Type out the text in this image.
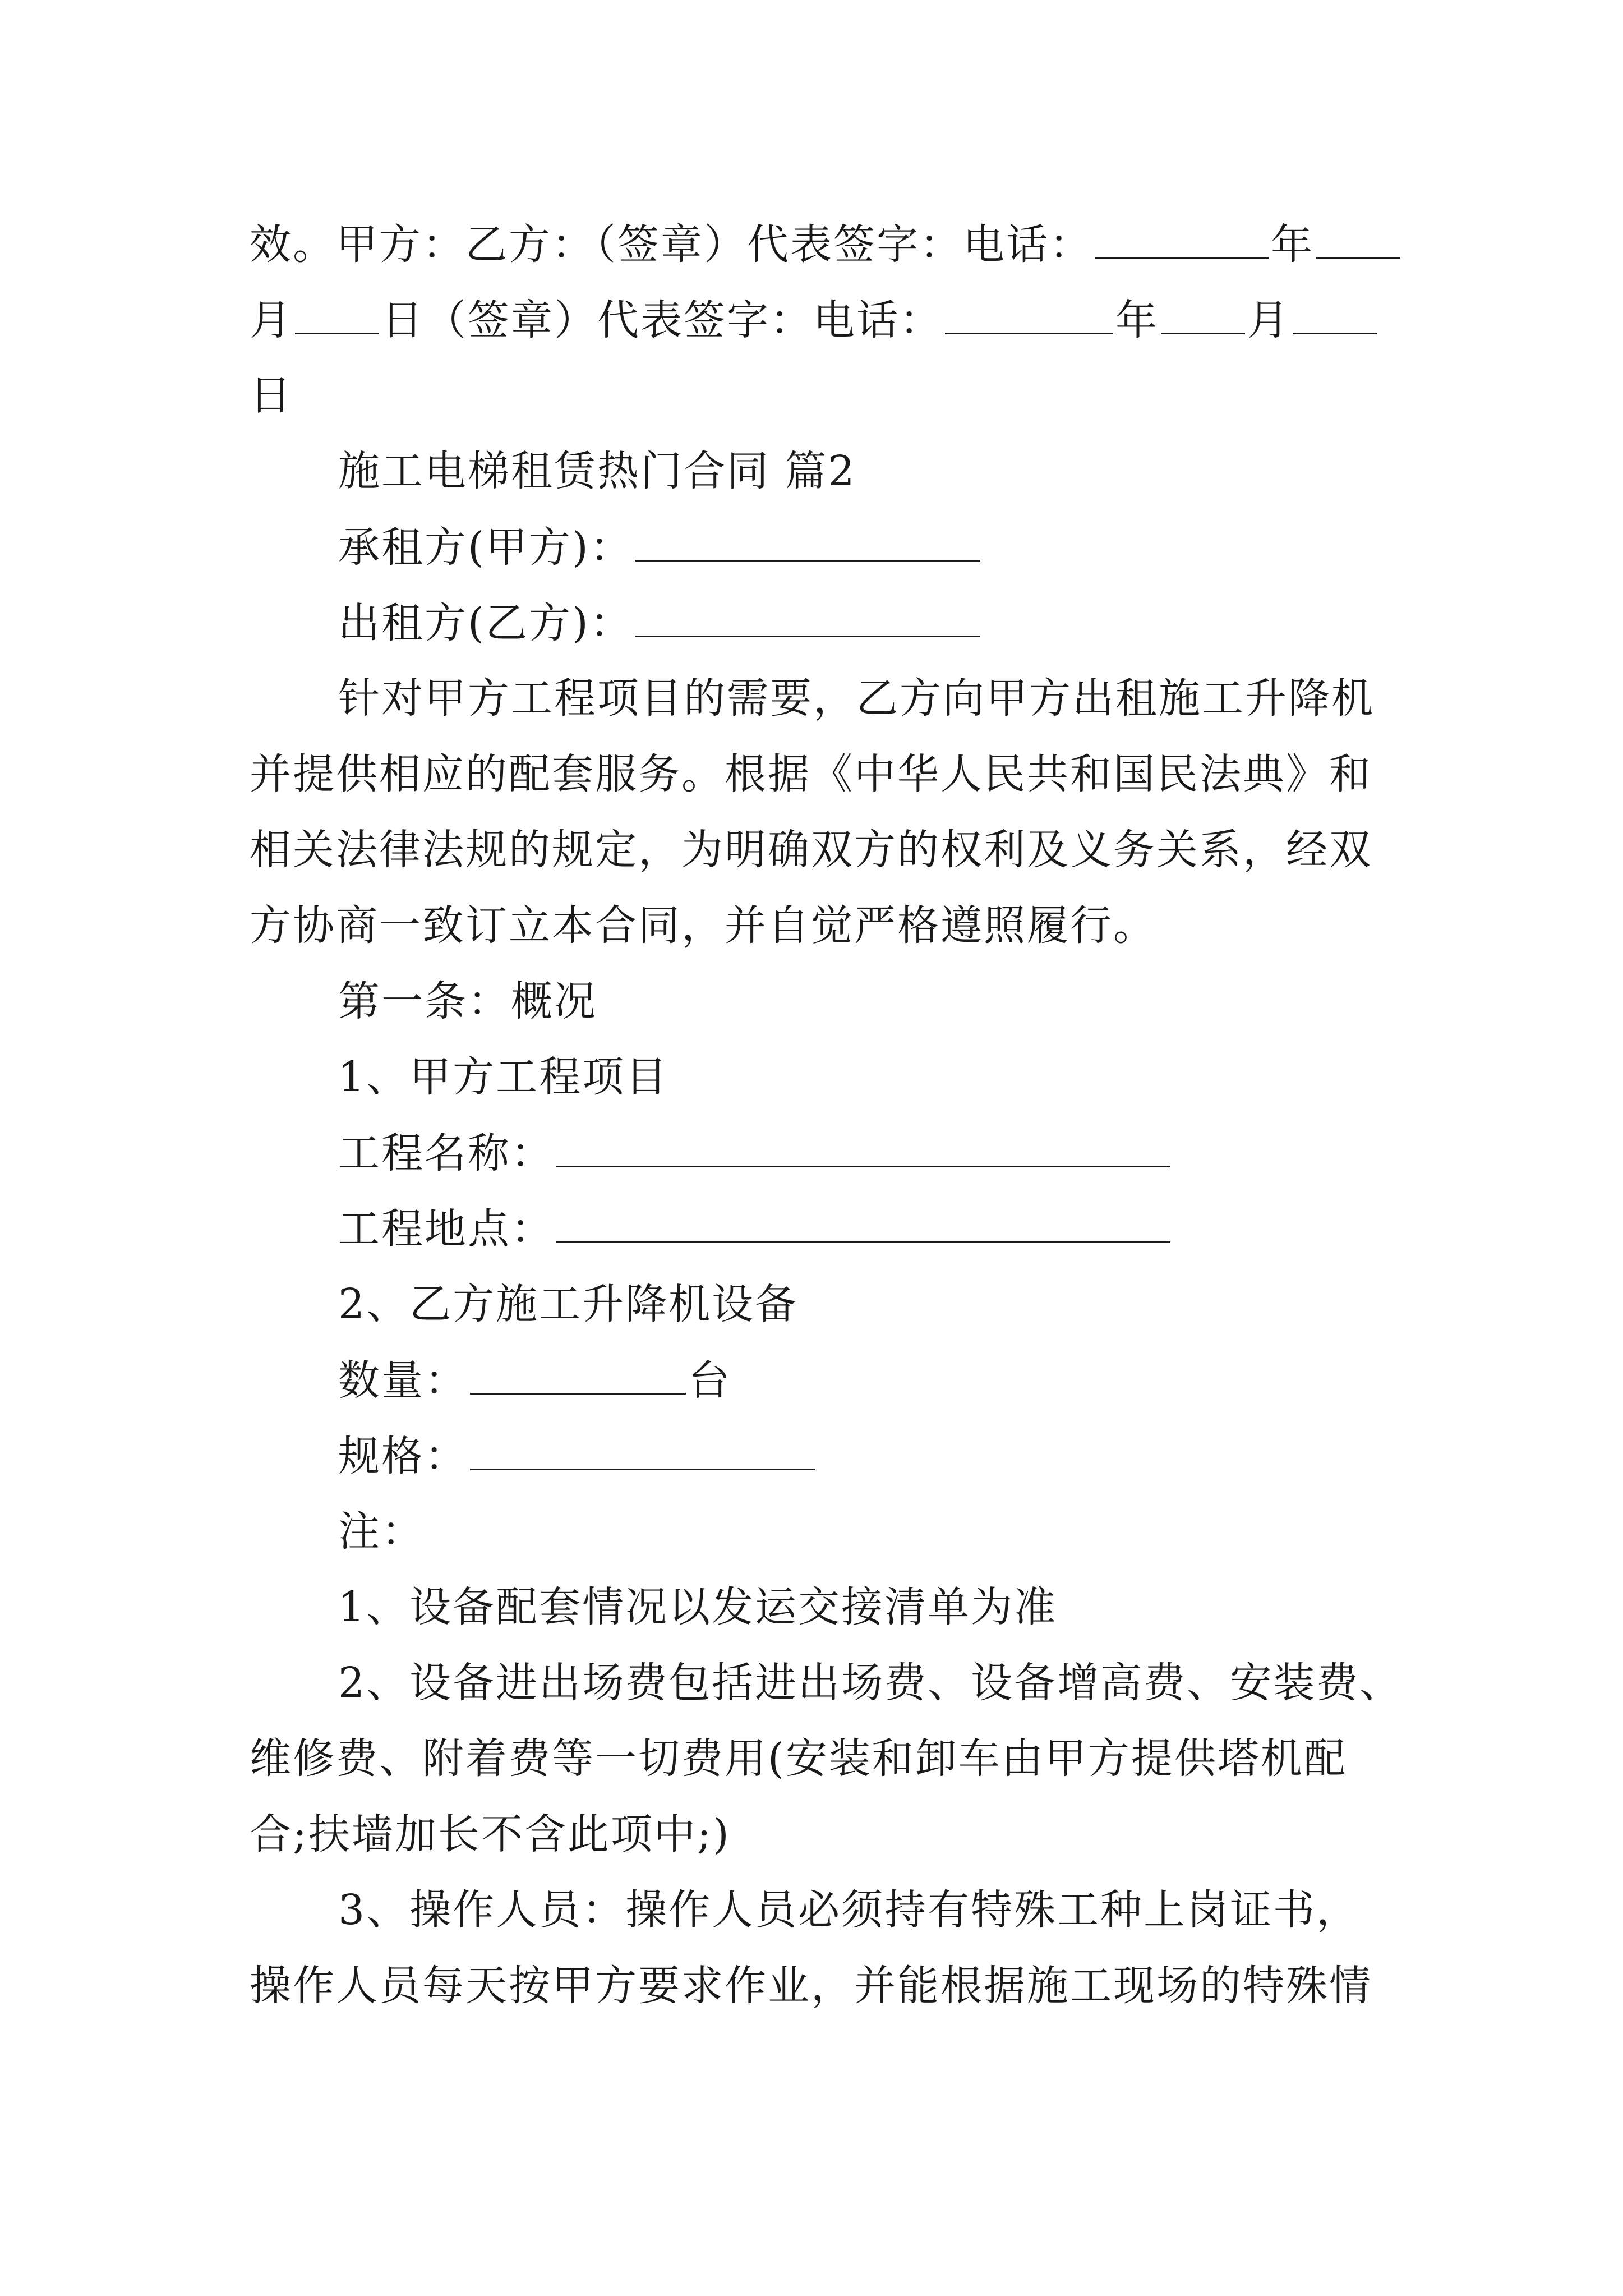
效。甲方：乙方：（签章）代表签字：电话：	年
月 日（签章）代表签字：电话：	年 月
日
施工电梯租赁热门合同 篇2
承租方(甲方)：
出租方(乙方)：
针对甲方工程项目的需要，乙方向甲方出租施工升降机
并提供相应的配套服务。根据《中华人民共和国民法典》和
相关法律法规的规定，为明确双方的权利及义务关系，经双
方协商一致订立本合同，并自觉严格遵照履行。
第一条：概况
1、甲方工程项目
工程名称：
工程地点：
2、乙方施工升降机设备
数量：	台
规格：
注：
1、设备配套情况以发运交接清单为准
2、设备进出场费包括进出场费、设备增高费、安装费、
维修费、附着费等一切费用(安装和卸车由甲方提供塔机配
合;扶墙加长不含此项中;)
3、操作人员：操作人员必须持有特殊工种上岗证书，
操作人员每天按甲方要求作业，并能根据施工现场的特殊情
